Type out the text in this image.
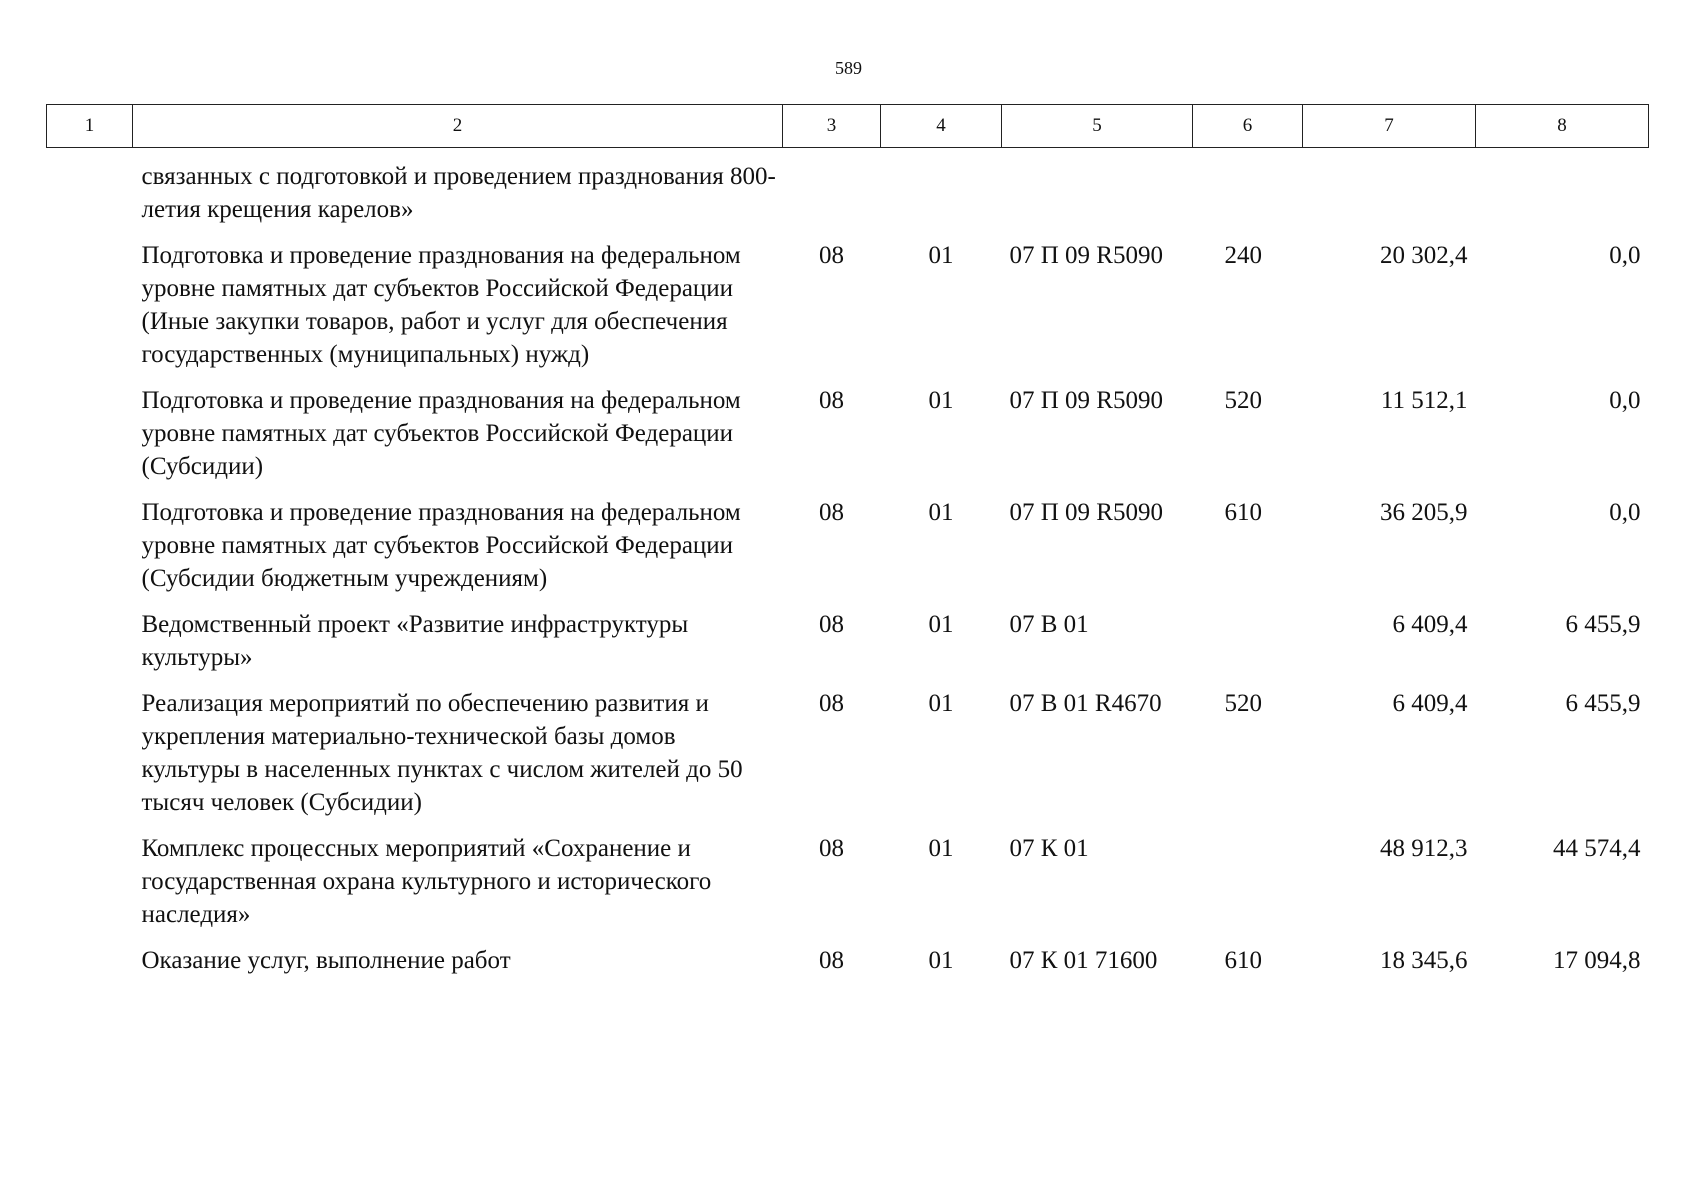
589
1	2	3	4	5	6	7	8
	связанных с подготовкой и проведением празднования 800-летия крещения карелов»						
	Подготовка и проведение празднования на федеральном уровне памятных дат субъектов Российской Федерации (Иные закупки товаров, работ и услуг для обеспечения государственных (муниципальных) нужд)	08	01	07 П 09 R5090	240	20 302,4	0,0
	Подготовка и проведение празднования на федеральном уровне памятных дат субъектов Российской Федерации (Субсидии)	08	01	07 П 09 R5090	520	11 512,1	0,0
	Подготовка и проведение празднования на федеральном уровне памятных дат субъектов Российской Федерации (Субсидии бюджетным учреждениям)	08	01	07 П 09 R5090	610	36 205,9	0,0
	Ведомственный проект «Развитие инфраструктуры культуры»	08	01	07 В 01		6 409,4	6 455,9
	Реализация мероприятий по обеспечению развития и укрепления материально-технической базы домов культуры в населенных пунктах с числом жителей до 50 тысяч человек (Субсидии)	08	01	07 В 01 R4670	520	6 409,4	6 455,9
	Комплекс процессных мероприятий «Сохранение и государственная охрана культурного и исторического наследия»	08	01	07 К 01		48 912,3	44 574,4
	Оказание услуг, выполнение работ	08	01	07 К 01 71600	610	18 345,6	17 094,8
